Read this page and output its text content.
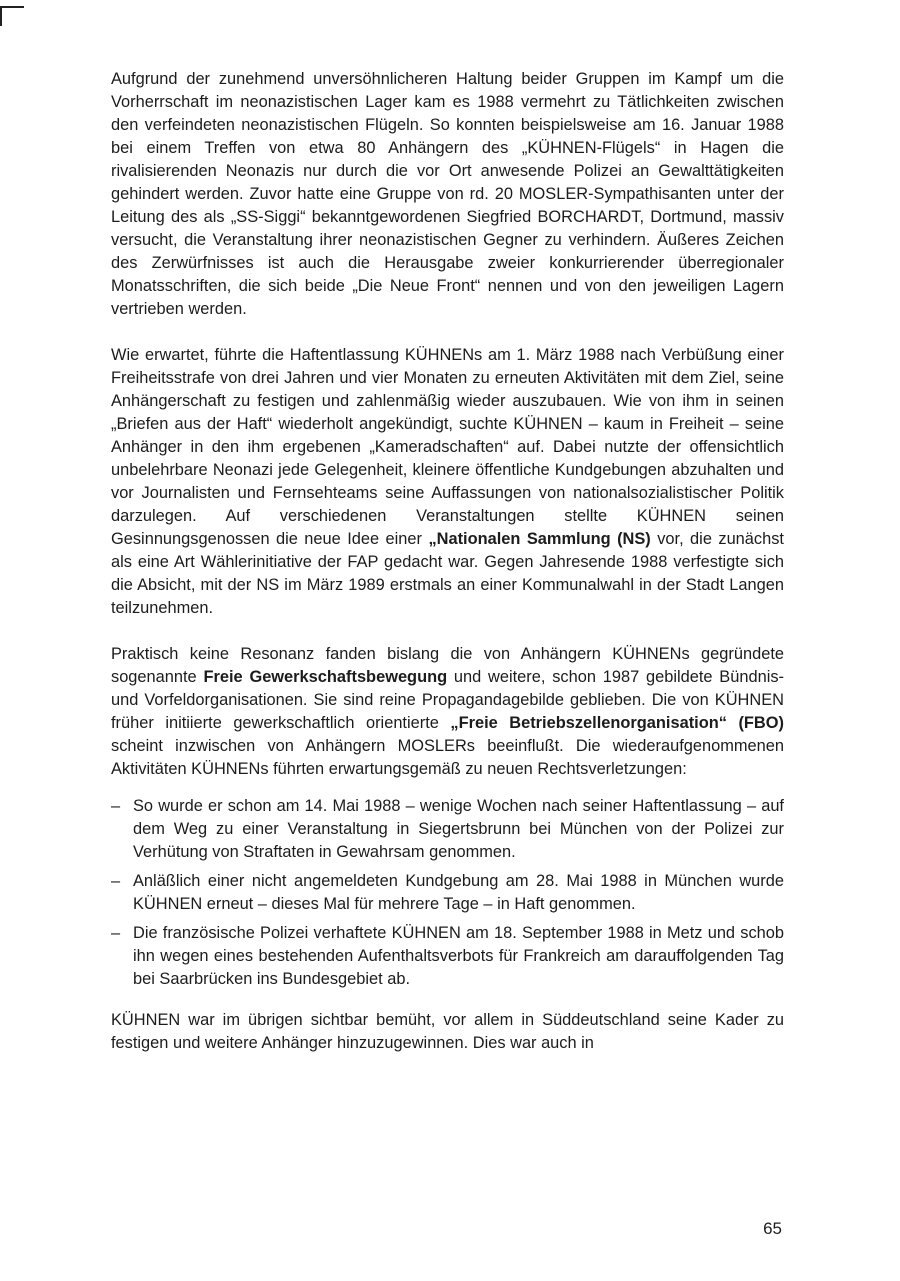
Aufgrund der zunehmend unversöhnlicheren Haltung beider Gruppen im Kampf um die Vorherrschaft im neonazistischen Lager kam es 1988 vermehrt zu Tätlichkeiten zwischen den verfeindeten neonazistischen Flügeln. So konnten beispielsweise am 16. Januar 1988 bei einem Treffen von etwa 80 Anhängern des „KÜHNEN-Flügels“ in Hagen die rivalisierenden Neonazis nur durch die vor Ort anwesende Polizei an Gewalttätigkeiten gehindert werden. Zuvor hatte eine Gruppe von rd. 20 MOSLER-Sympathisanten unter der Leitung des als „SS-Siggi“ bekanntgewordenen Siegfried BORCHARDT, Dortmund, massiv versucht, die Veranstaltung ihrer neonazistischen Gegner zu verhindern. Äußeres Zeichen des Zerwürfnisses ist auch die Herausgabe zweier konkurrierender überregionaler Monatsschriften, die sich beide „Die Neue Front“ nennen und von den jeweiligen Lagern vertrieben werden.

Wie erwartet, führte die Haftentlassung KÜHNENs am 1. März 1988 nach Verbüßung einer Freiheitsstrafe von drei Jahren und vier Monaten zu erneuten Aktivitäten mit dem Ziel, seine Anhängerschaft zu festigen und zahlenmäßig wieder auszubauen. Wie von ihm in seinen „Briefen aus der Haft“ wiederholt angekündigt, suchte KÜHNEN – kaum in Freiheit – seine Anhänger in den ihm ergebenen „Kameradschaften“ auf. Dabei nutzte der offensichtlich unbelehrbare Neonazi jede Gelegenheit, kleinere öffentliche Kundgebungen abzuhalten und vor Journalisten und Fernsehteams seine Auffassungen von nationalsozialistischer Politik darzulegen. Auf verschiedenen Veranstaltungen stellte KÜHNEN seinen Gesinnungsgenossen die neue Idee einer „Nationalen Sammlung (NS) vor, die zunächst als eine Art Wählerinitiative der FAP gedacht war. Gegen Jahresende 1988 verfestigte sich die Absicht, mit der NS im März 1989 erstmals an einer Kommunalwahl in der Stadt Langen teilzunehmen.

Praktisch keine Resonanz fanden bislang die von Anhängern KÜHNENs gegründete sogenannte Freie Gewerkschaftsbewegung und weitere, schon 1987 gebildete Bündnis- und Vorfeldorganisationen. Sie sind reine Propagandagebilde geblieben. Die von KÜHNEN früher initiierte gewerkschaftlich orientierte „Freie Betriebszellenorganisation“ (FBO) scheint inzwischen von Anhängern MOSLERs beeinflußt. Die wiederaufgenommenen Aktivitäten KÜHNENs führten erwartungsgemäß zu neuen Rechtsverletzungen:

– So wurde er schon am 14. Mai 1988 – wenige Wochen nach seiner Haftentlassung – auf dem Weg zu einer Veranstaltung in Siegertsbrunn bei München von der Polizei zur Verhütung von Straftaten in Gewahrsam genommen.
– Anläßlich einer nicht angemeldeten Kundgebung am 28. Mai 1988 in München wurde KÜHNEN erneut – dieses Mal für mehrere Tage – in Haft genommen.
– Die französische Polizei verhaftete KÜHNEN am 18. September 1988 in Metz und schob ihn wegen eines bestehenden Aufenthaltsverbots für Frankreich am darauffolgenden Tag bei Saarbrücken ins Bundesgebiet ab.

KÜHNEN war im übrigen sichtbar bemüht, vor allem in Süddeutschland seine Kader zu festigen und weitere Anhänger hinzuzugewinnen. Dies war auch in

65
